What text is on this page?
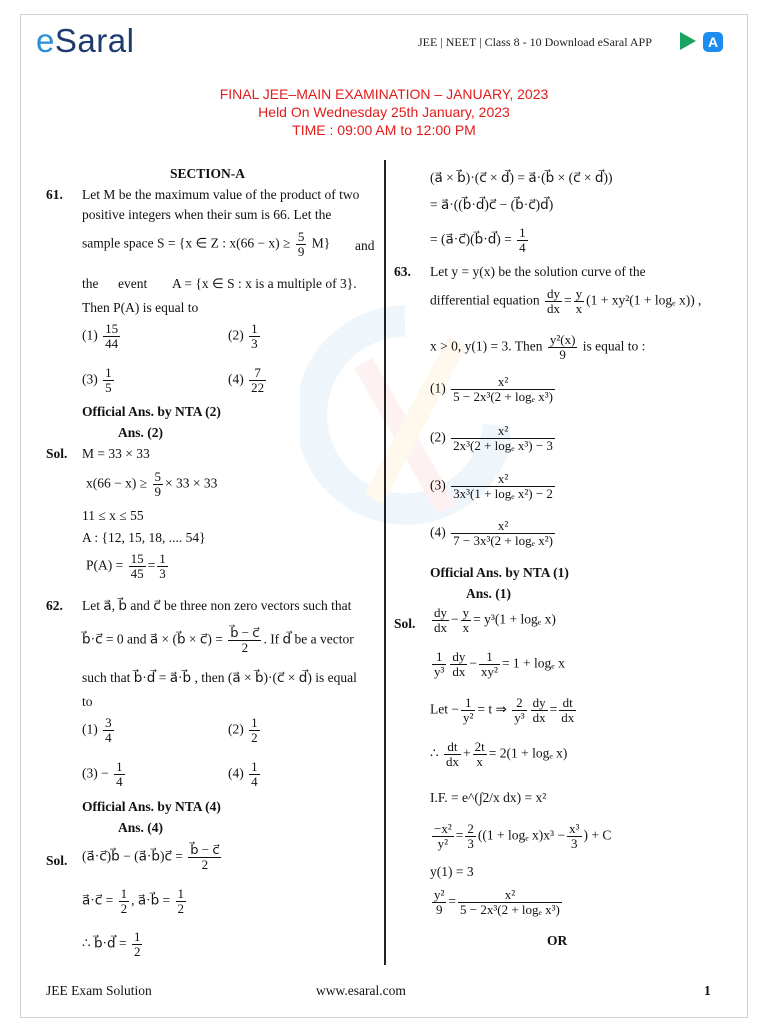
eSaral	JEE | NEET | Class 8 - 10 Download eSaral APP	A
FINAL JEE–MAIN EXAMINATION – JANUARY, 2023
Held On Wednesday 25th January, 2023
TIME : 09:00 AM to 12:00 PM
SECTION-A
61. Let M be the maximum value of the product of two
positive integers when their sum is 66. Let the
sample space S = {x ∈ Z : $x(66 - x) \ge \frac{5}{9} M$} and
the event A = {x ∈ S : x is a multiple of 3}.
Then P(A) is equal to
$(1) \frac{15}{44}$	$(2) \frac{1}{3}$
$(3) \frac{1}{5}$	$(4) \frac{7}{22}$
Official Ans. by NTA (2)
Ans. (2)
Sol. M = 33 × 33
$x(66 - x) \ge \frac{5}{9} \times 33 \times 33$
11 ≤ x ≤ 55
A : {12, 15, 18, .... 54}
$P(A) = \frac{15}{45} = \frac{1}{3}$
62. Let a⃗, b⃗ and c⃗ be three non zero vectors such that
b⃗·c⃗ = 0 and a⃗ × (b⃗ × c⃗) = $\frac{b⃗ - c⃗}{2}$ . If d⃗ be a vector
such that b⃗·d⃗ = a⃗·b⃗ , then (a⃗ × b⃗)·(c⃗ × d⃗) is equal
to
$(1) \frac{3}{4}$	$(2) \frac{1}{2}$
$(3) - \frac{1}{4}$	$(4) \frac{1}{4}$
Official Ans. by NTA (4)
Ans. (4)
Sol. (a⃗·c⃗)b⃗ − (a⃗·b⃗)c⃗ = $\frac{b⃗ - c⃗}{2}$
a⃗·c⃗ = $\frac{1}{2}$ , a⃗·b⃗ = $\frac{1}{2}$
∴ b⃗·d⃗ = $\frac{1}{2}$
(a⃗ × b⃗)·(c⃗ × d⃗) = a⃗·(b⃗ × (c⃗ × d⃗))
= a⃗·((b⃗·d⃗)c⃗ − (b⃗·c⃗)d⃗)
= (a⃗·c⃗)(b⃗·d⃗) = $\frac{1}{4}$
63. Let y = y(x) be the solution curve of the
differential equation $\frac{dy}{dx} = \frac{y}{x} (1 + xy^2(1 + \log_e$ x)) ,
x > 0, y(1) = 3. Then $\frac{\text{y²(x)}}{9}$ is equal to :
$(1) \frac{\text{x²}}{\text{5 − 2x³(2 + logₑ x³)}}$
$(2) \frac{\text{x²}}{\text{2x³(2 + logₑ x³) − 3}}$
$(3) \frac{\text{x²}}{\text{3x³(1 + logₑ x²) − 2}}$
$(4) \frac{\text{x²}}{\text{7 − 3x³(2 + logₑ x²)}}$
Official Ans. by NTA (1)
Ans. (1)
Sol. $\frac{dy}{dx} - \frac{y}{x} = y^3(1 + \log_e$ x)
$\frac{1}{\text{y³}} \frac{dy}{dx} - \frac{1}{\text{xy²}} = 1 + \log_e$ x
Let − $\frac{1}{\text{y²}} = t$ ⇒ $\frac{2}{\text{y³}} \frac{dy}{dx} = \frac{dt}{dx}$
∴ $\frac{dt}{dx} + \frac{2t}{x} = 2(1 + \log_e$ x)
I.F. = e^(∫2/x dx) = x²
$\frac{\text{−x²}}{\text{y²}} = \frac{2}{3} ((1 + \log_e$ $x)x^3 - \frac{\text{x³}}{3}$ ) + C
y(1) = 3
$\frac{\text{y²}}{9} = \frac{\text{x²}}{\text{5 − 2x³(2 + logₑ x³)}}$
OR
JEE Exam Solution	www.esaral.com	1
